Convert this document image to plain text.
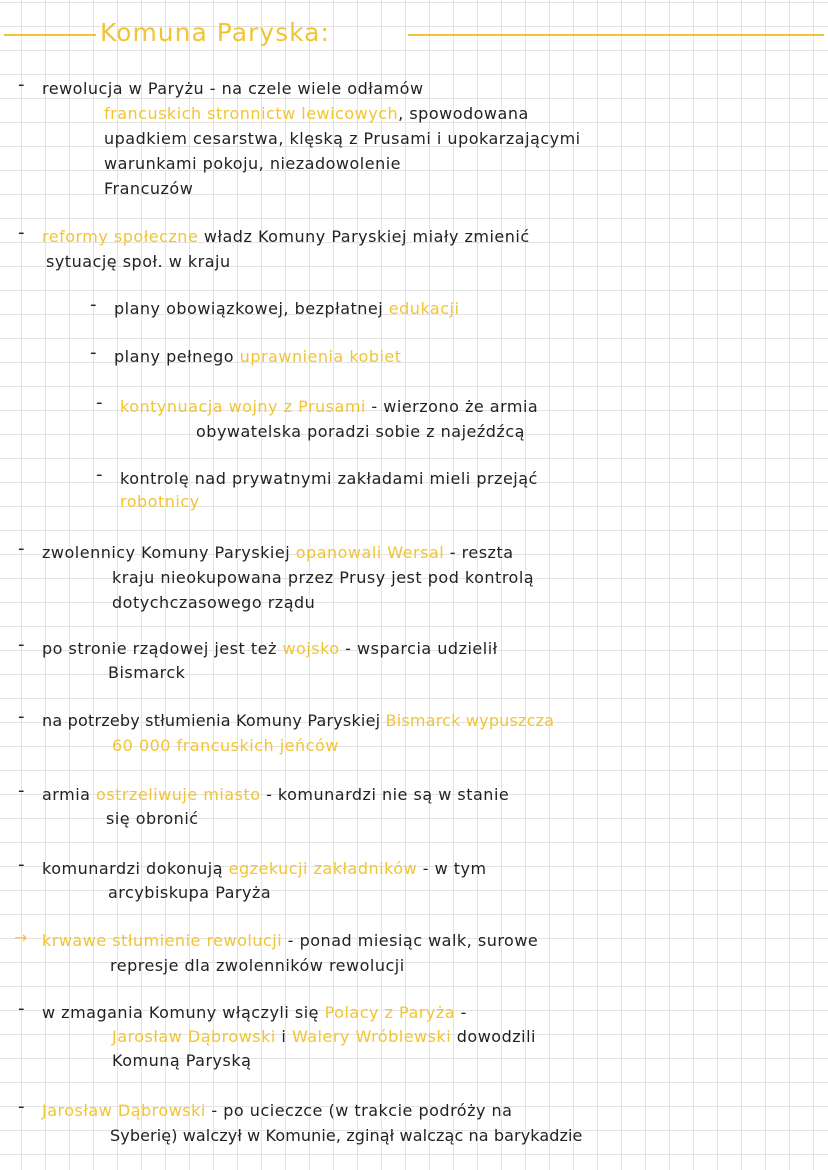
Komuna Paryska:
- rewolucja w Paryżu - na czele wiele odłamów
francuskich stronnictw lewicowych, spowodowana
upadkiem cesarstwa, klęską z Prusami i upokarzającymi
warunkami pokoju, niezadowolenie
Francuzów
- reformy społeczne władz Komuny Paryskiej miały zmienić
sytuację społ. w kraju
- plany obowiązkowej, bezpłatnej edukacji
- plany pełnego uprawnienia kobiet
- kontynuacja wojny z Prusami - wierzono że armia
obywatelska poradzi sobie z najeźdźcą
- kontrolę nad prywatnymi zakładami mieli przejąć
robotnicy
- zwolennicy Komuny Paryskiej opanowali Wersal - reszta
kraju nieokupowana przez Prusy jest pod kontrolą
dotychczasowego rządu
- po stronie rządowej jest też wojsko - wsparcia udzielił
Bismarck
- na potrzeby stłumienia Komuny Paryskiej Bismarck wypuszcza
60 000 francuskich jeńców
- armia ostrzeliwuje miasto - komunardzi nie są w stanie
się obronić
- komunardzi dokonują egzekucji zakładników - w tym
arcybiskupa Paryża
→ krwawe stłumienie rewolucji - ponad miesiąc walk, surowe
represje dla zwolenników rewolucji
- w zmagania Komuny włączyli się Polacy z Paryża -
Jarosław Dąbrowski i Walery Wróblewski dowodzili
Komuną Paryską
- Jarosław Dąbrowski - po ucieczce (w trakcie podróży na
Syberię) walczył w Komunie, zginął walcząc na barykadzie
